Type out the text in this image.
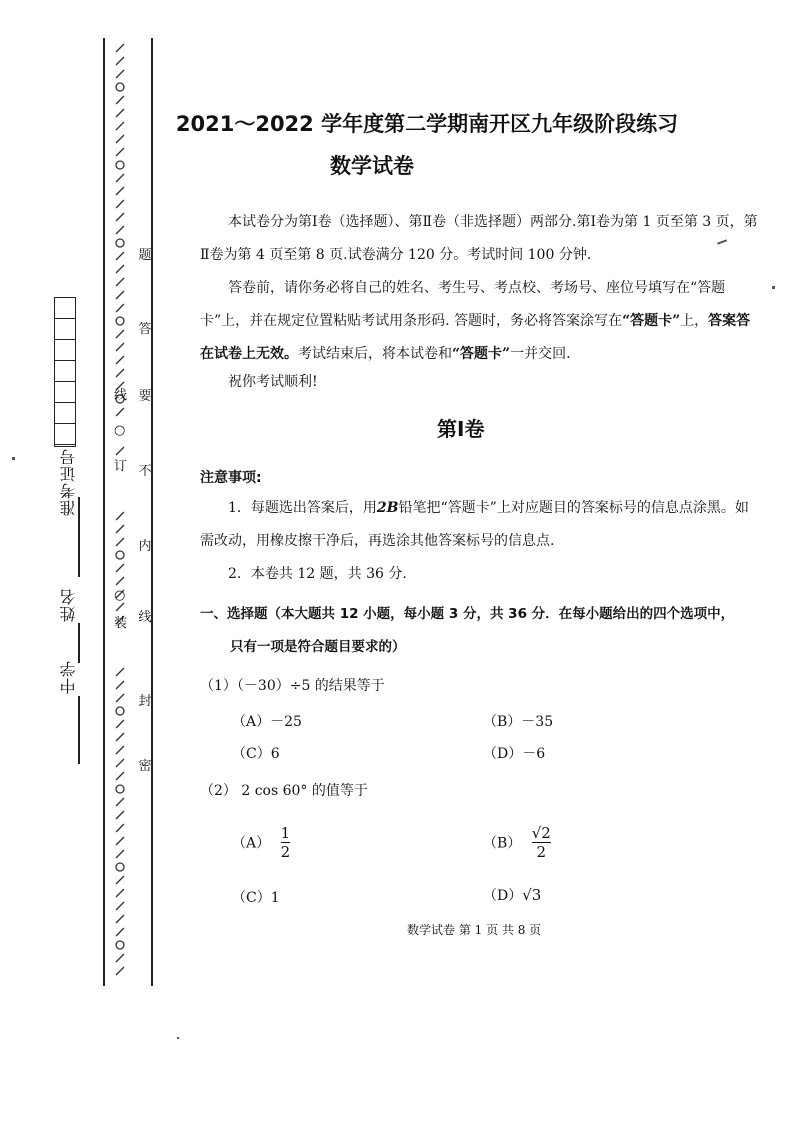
○
订
○
装
线
密
封
线
内
不
要
答
题
准考证号
姓名
中学
2021～2022 学年度第二学期南开区九年级阶段练习
数学试卷
本试卷分为第Ⅰ卷（选择题）、第Ⅱ卷（非选择题）两部分.第Ⅰ卷为第 1 页至第 3 页，第Ⅱ卷为第 4 页至第 8 页.试卷满分 120 分。考试时间 100 分钟.
答卷前，请你务必将自己的姓名、考生号、考点校、考场号、座位号填写在“答题卡”上，并在规定位置粘贴考试用条形码. 答题时，务必将答案涂写在“答题卡”上，答案答在试卷上无效。考试结束后，将本试卷和“答题卡”一并交回.
祝你考试顺利!
第Ⅰ卷
注意事项:
1．每题选出答案后，用2B铅笔把“答题卡”上对应题目的答案标号的信息点涂黑。如需改动，用橡皮擦干净后，再选涂其他答案标号的信息点.
2．本卷共 12 题，共 36 分.
一、选择题（本大题共 12 小题，每小题 3 分，共 36 分．在每小题给出的四个选项中，
只有一项是符合题目要求的）
（1）（－30）÷5 的结果等于
（A）－25	（B）－35
（C）6	（D）－6
（2） 2 cos 60° 的值等于
$(A) \frac{1}{2}$	$(B) \frac{√2}{2}$
（C）1	（D）√3
数学试卷 第 1 页 共 8 页
